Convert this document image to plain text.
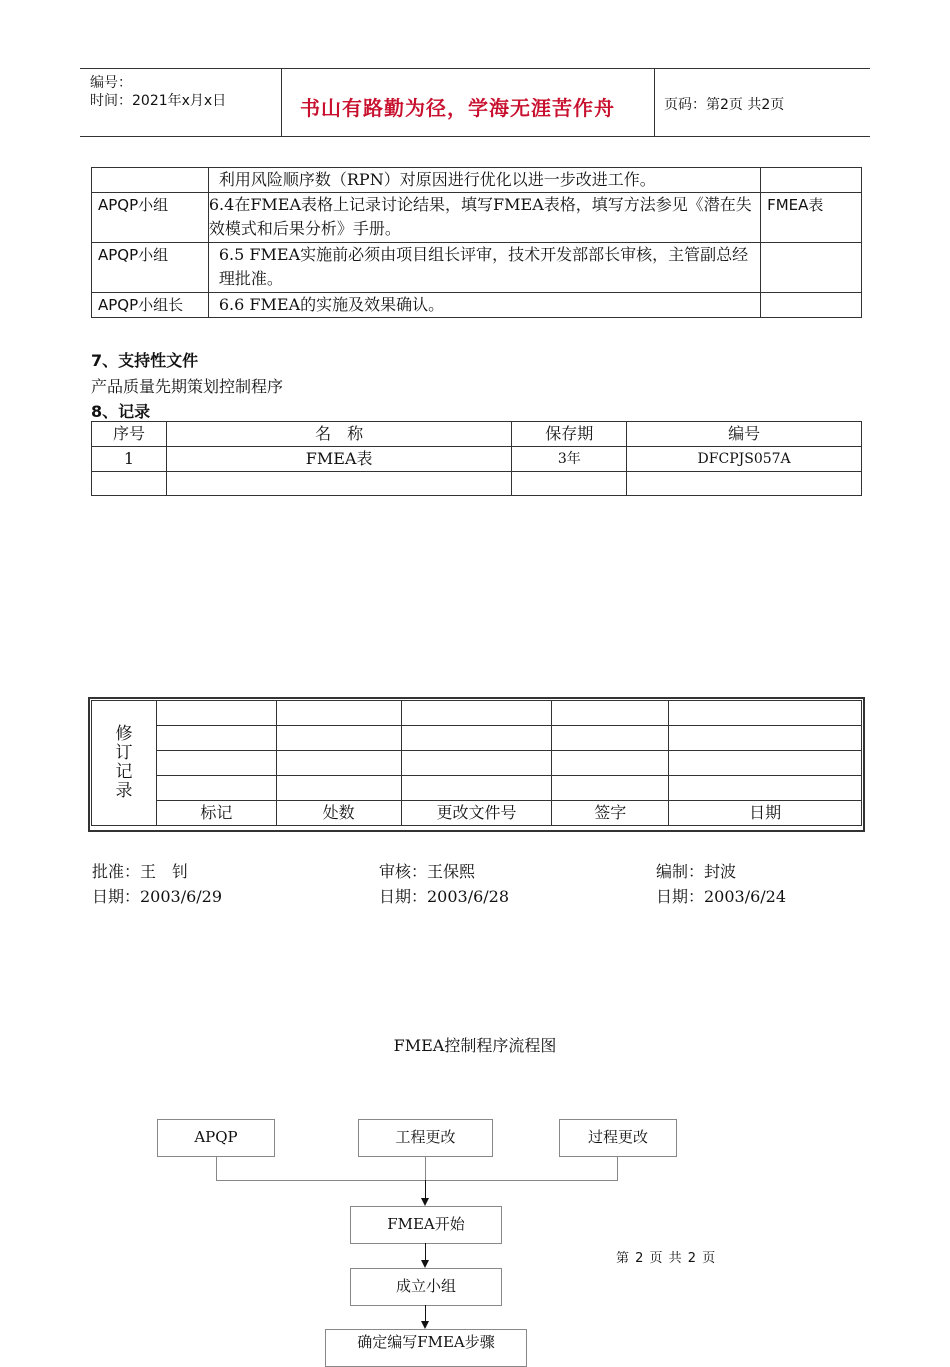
编号：
时间：2021年x月x日	书山有路勤为径，学海无涯苦作舟	页码：第2页 共2页
	利用风险顺序数（RPN）对原因进行优化以进一步改进工作。	
APQP小组	6.4在FMEA表格上记录讨论结果，填写FMEA表格，填写方法参见《潜在失效模式和后果分析》手册。	FMEA表
APQP小组	6.5 FMEA实施前必须由项目组长评审，技术开发部部长审核，主管副总经理批准。	
APQP小组长	6.6 FMEA的实施及效果确认。	
7、支持性文件
产品质量先期策划控制程序
8、记录
序号	名　称	保存期	编号
1	FMEA表	3年	DFCPJS057A

修订记录					

	标记	处数	更改文件号	签字	日期
批准：王　钊	审核：王保熙	编制：封波
日期：2003/6/29	日期：2003/6/28	日期：2003/6/24
FMEA控制程序流程图
APQP	工程更改	过程更改
FMEA开始
成立小组
确定编写FMEA步骤
第 2 页 共 2 页
